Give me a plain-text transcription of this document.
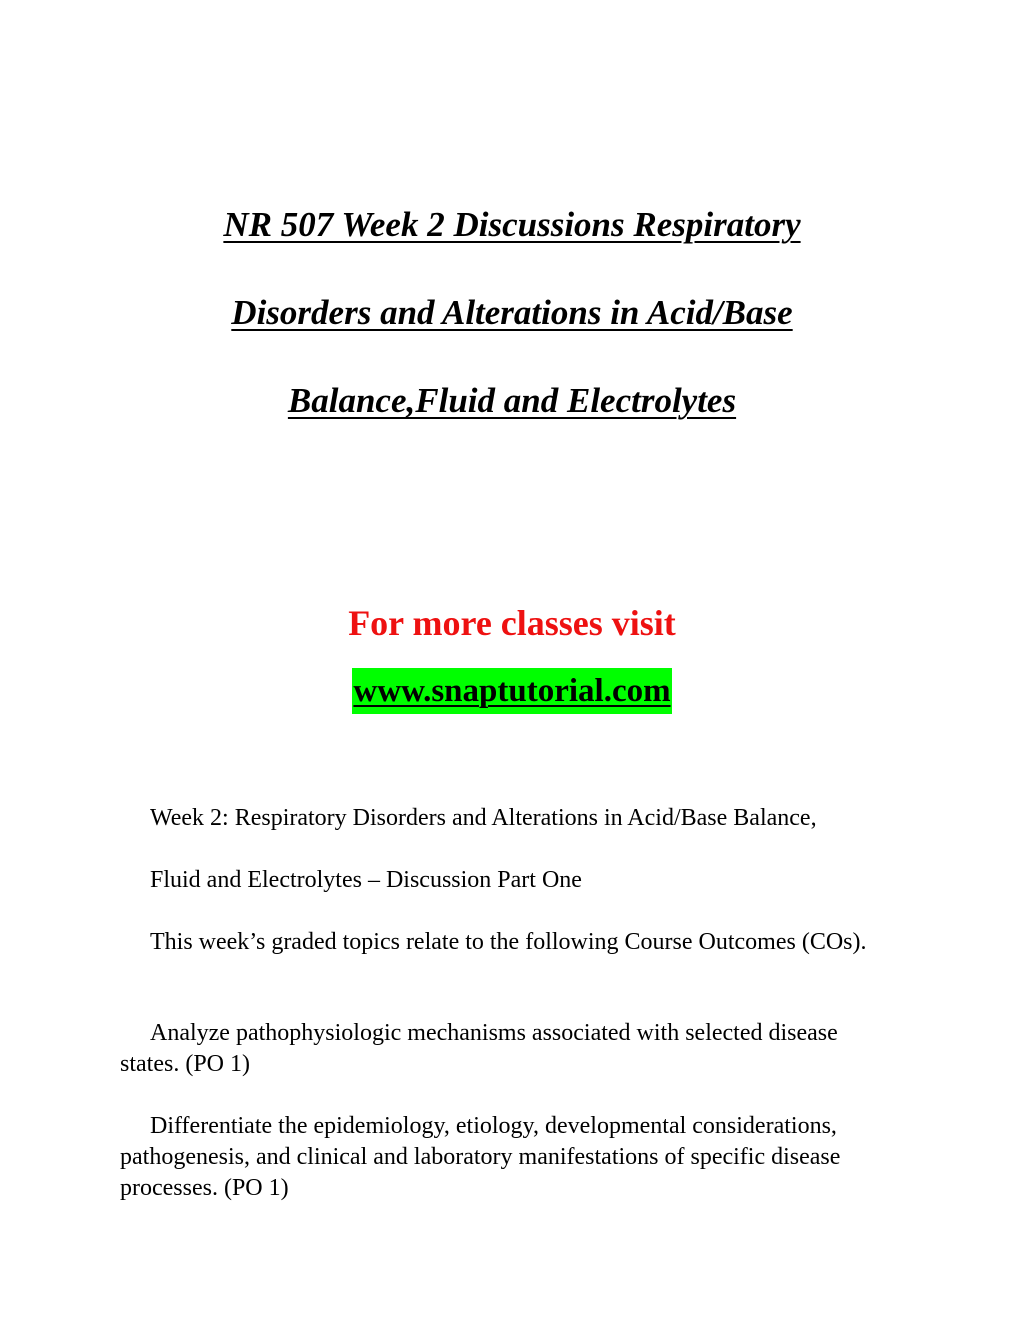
NR 507 Week 2 Discussions Respiratory
Disorders and Alterations in Acid/Base
Balance,Fluid and Electrolytes
For more classes visit
www.snaptutorial.com

Week 2: Respiratory Disorders and Alterations in Acid/Base Balance,

Fluid and Electrolytes – Discussion Part One

This week’s graded topics relate to the following Course Outcomes (COs).

Analyze pathophysiologic mechanisms associated with selected disease states. (PO 1)

Differentiate the epidemiology, etiology, developmental considerations, pathogenesis, and clinical and laboratory manifestations of specific disease processes. (PO 1)
